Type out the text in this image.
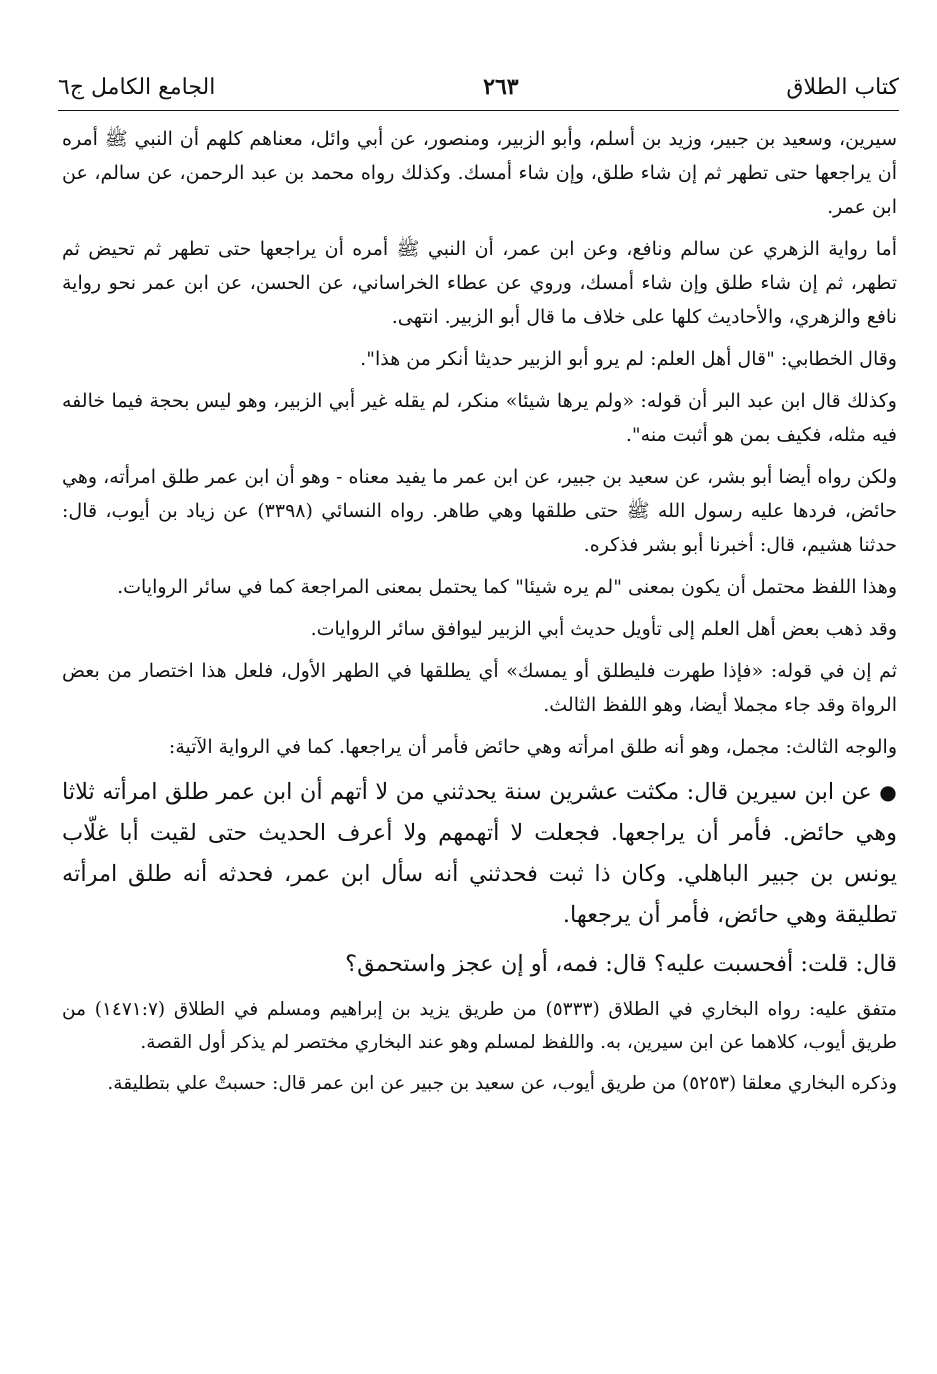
كتاب الطلاق
٢٦٣
الجامع الكامل ج٦

سيرين، وسعيد بن جبير، وزيد بن أسلم، وأبو الزبير، ومنصور، عن أبي وائل، معناهم كلهم أن النبي ﷺ أمره أن يراجعها حتى تطهر ثم إن شاء طلق، وإن شاء أمسك. وكذلك رواه محمد بن عبد الرحمن، عن سالم، عن ابن عمر.

أما رواية الزهري عن سالم ونافع، وعن ابن عمر، أن النبي ﷺ أمره أن يراجعها حتى تطهر ثم تحيض ثم تطهر، ثم إن شاء طلق وإن شاء أمسك، وروي عن عطاء الخراساني، عن الحسن، عن ابن عمر نحو رواية نافع والزهري، والأحاديث كلها على خلاف ما قال أبو الزبير. انتهى.

وقال الخطابي: "قال أهل العلم: لم يرو أبو الزبير حديثا أنكر من هذا".

وكذلك قال ابن عبد البر أن قوله: «ولم يرها شيئا» منكر، لم يقله غير أبي الزبير، وهو ليس بحجة فيما خالفه فيه مثله، فكيف بمن هو أثبت منه".

ولكن رواه أيضا أبو بشر، عن سعيد بن جبير، عن ابن عمر ما يفيد معناه - وهو أن ابن عمر طلق امرأته، وهي حائض، فردها عليه رسول الله ﷺ حتى طلقها وهي طاهر. رواه النسائي (٣٣٩٨) عن زياد بن أيوب، قال: حدثنا هشيم، قال: أخبرنا أبو بشر فذكره.

وهذا اللفظ محتمل أن يكون بمعنى "لم يره شيئا" كما يحتمل بمعنى المراجعة كما في سائر الروايات.

وقد ذهب بعض أهل العلم إلى تأويل حديث أبي الزبير ليوافق سائر الروايات.

ثم إن في قوله: «فإذا طهرت فليطلق أو يمسك» أي يطلقها في الطهر الأول، فلعل هذا اختصار من بعض الرواة وقد جاء مجملا أيضا، وهو اللفظ الثالث.

والوجه الثالث: مجمل، وهو أنه طلق امرأته وهي حائض فأمر أن يراجعها. كما في الرواية الآتية:

● عن ابن سيرين قال: مكثت عشرين سنة يحدثني من لا أتهم أن ابن عمر طلق امرأته ثلاثا وهي حائض. فأمر أن يراجعها. فجعلت لا أتهمهم ولا أعرف الحديث حتى لقيت أبا غلّاب يونس بن جبير الباهلي. وكان ذا ثبت فحدثني أنه سأل ابن عمر، فحدثه أنه طلق امرأته تطليقة وهي حائض، فأمر أن يرجعها.

قال: قلت: أفحسبت عليه؟ قال: فمه، أو إن عجز واستحمق؟

متفق عليه: رواه البخاري في الطلاق (٥٣٣٣) من طريق يزيد بن إبراهيم ومسلم في الطلاق (١٤٧١:٧) من طريق أيوب، كلاهما عن ابن سيرين، به. واللفظ لمسلم وهو عند البخاري مختصر لم يذكر أول القصة.

وذكره البخاري معلقا (٥٢٥٣) من طريق أيوب، عن سعيد بن جبير عن ابن عمر قال: حسبتْ علي بتطليقة.
